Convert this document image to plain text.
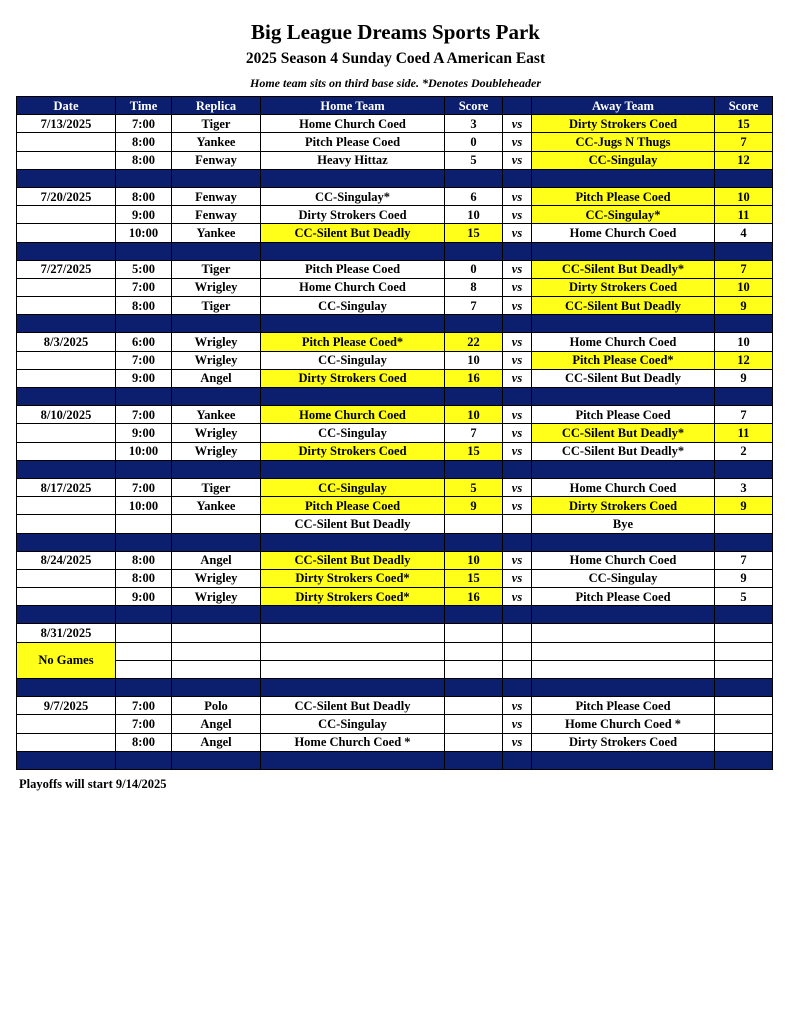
Big League Dreams Sports Park
2025 Season 4 Sunday Coed A American East
Home team sits on third base side. *Denotes Doubleheader
Date	Time	Replica	Home Team	Score		Away Team	Score
7/13/2025	7:00	Tiger	Home Church Coed	3	vs	Dirty Strokers Coed	15
	8:00	Yankee	Pitch Please Coed	0	vs	CC-Jugs N Thugs	7
	8:00	Fenway	Heavy Hittaz	5	vs	CC-Singulay	12

7/20/2025	8:00	Fenway	CC-Singulay*	6	vs	Pitch Please Coed	10
	9:00	Fenway	Dirty Strokers Coed	10	vs	CC-Singulay*	11
	10:00	Yankee	CC-Silent But Deadly	15	vs	Home Church Coed	4

7/27/2025	5:00	Tiger	Pitch Please Coed	0	vs	CC-Silent But Deadly*	7
	7:00	Wrigley	Home Church Coed	8	vs	Dirty Strokers Coed	10
	8:00	Tiger	CC-Singulay	7	vs	CC-Silent But Deadly	9

8/3/2025	6:00	Wrigley	Pitch Please Coed*	22	vs	Home Church Coed	10
	7:00	Wrigley	CC-Singulay	10	vs	Pitch Please Coed*	12
	9:00	Angel	Dirty Strokers Coed	16	vs	CC-Silent But Deadly	9

8/10/2025	7:00	Yankee	Home Church Coed	10	vs	Pitch Please Coed	7
	9:00	Wrigley	CC-Singulay	7	vs	CC-Silent But Deadly*	11
	10:00	Wrigley	Dirty Strokers Coed	15	vs	CC-Silent But Deadly*	2

8/17/2025	7:00	Tiger	CC-Singulay	5	vs	Home Church Coed	3
	10:00	Yankee	Pitch Please Coed	9	vs	Dirty Strokers Coed	9
			CC-Silent But Deadly			Bye	

8/24/2025	8:00	Angel	CC-Silent But Deadly	10	vs	Home Church Coed	7
	8:00	Wrigley	Dirty Strokers Coed*	15	vs	CC-Singulay	9
	9:00	Wrigley	Dirty Strokers Coed*	16	vs	Pitch Please Coed	5

8/31/2025							
No Games							

9/7/2025	7:00	Polo	CC-Silent But Deadly		vs	Pitch Please Coed	
	7:00	Angel	CC-Singulay		vs	Home Church Coed *	
	8:00	Angel	Home Church Coed *		vs	Dirty Strokers Coed	

Playoffs will start 9/14/2025
